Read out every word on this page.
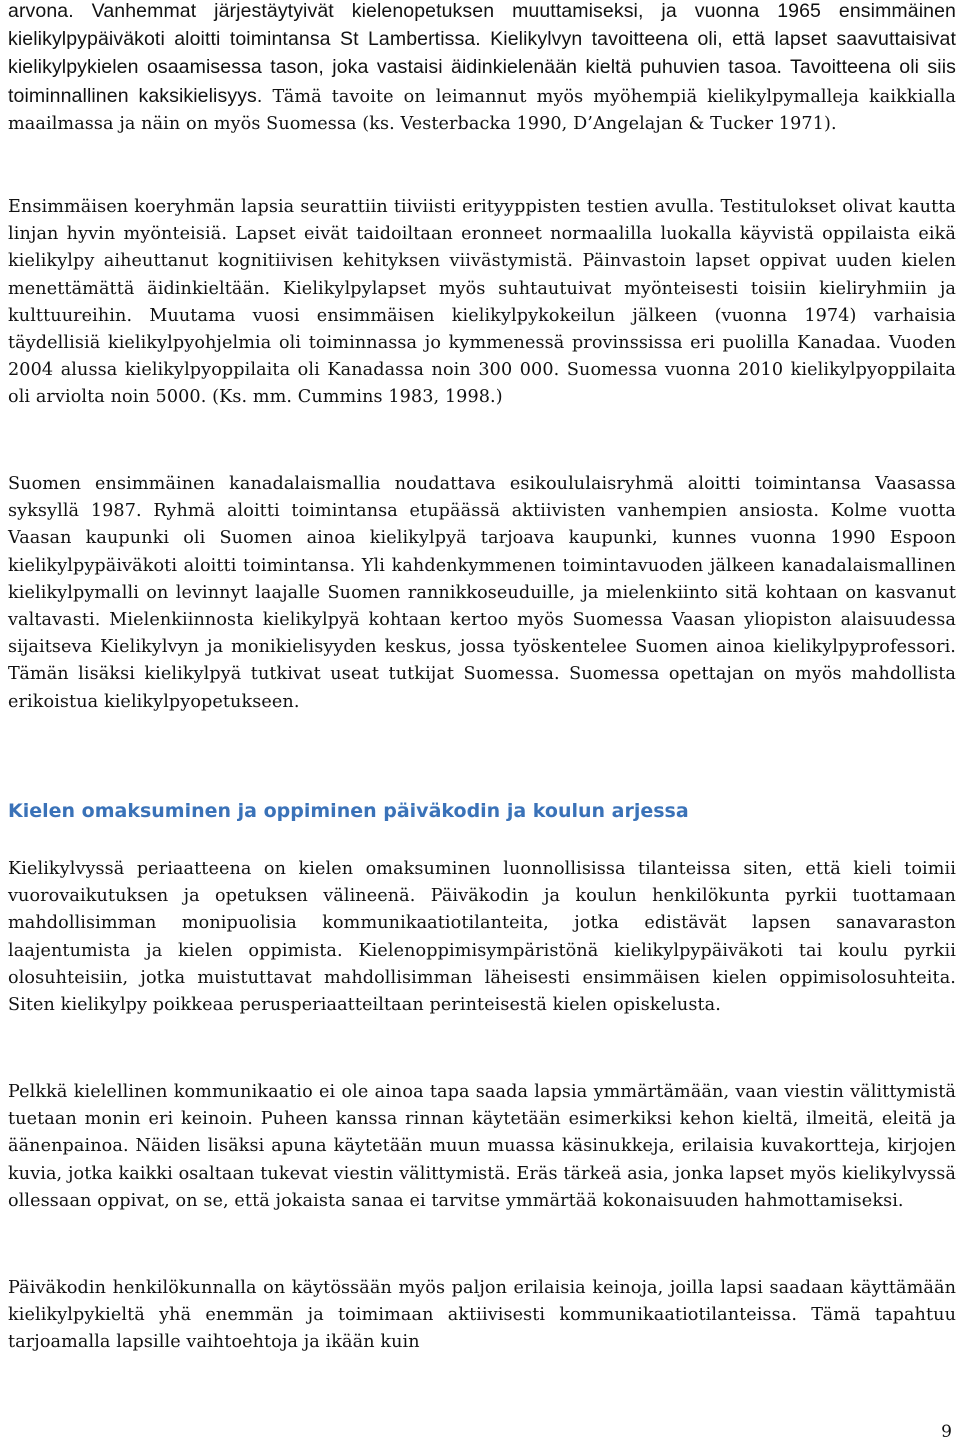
arvona. Vanhemmat järjestäytyivät kielenopetuksen muuttamiseksi, ja vuonna 1965 ensimmäinen kielikylpypäiväkoti aloitti toimintansa St Lambertissa. Kielikylvyn tavoitteena oli, että lapset saavuttaisivat kielikylpykielen osaamisessa tason, joka vastaisi äidinkielenään kieltä puhuvien tasoa. Tavoitteena oli siis toiminnallinen kaksikielisyys. Tämä tavoite on leimannut myös myöhempiä kielikylpymalleja kaikkialla maailmassa ja näin on myös Suomessa (ks. Vesterbacka 1990, D’Angelajan & Tucker 1971).

Ensimmäisen koeryhmän lapsia seurattiin tiiviisti erityyppisten testien avulla. Testitulokset olivat kautta linjan hyvin myönteisiä. Lapset eivät taidoiltaan eronneet normaalilla luokalla käyvistä oppilaista eikä kielikylpy aiheuttanut kognitiivisen kehityksen viivästymistä. Päinvastoin lapset oppivat uuden kielen menettämättä äidinkieltään. Kielikylpylapset myös suhtautuivat myönteisesti toisiin kieliryhmiin ja kulttuureihin. Muutama vuosi ensimmäisen kielikylpykokeilun jälkeen (vuonna 1974) varhaisia täydellisiä kielikylpyohjelmia oli toiminnassa jo kymmenessä provinssissa eri puolilla Kanadaa. Vuoden 2004 alussa kielikylpyoppilaita oli Kanadassa noin 300 000. Suomessa vuonna 2010 kielikylpyoppilaita oli arviolta noin 5000. (Ks. mm. Cummins 1983, 1998.)

Suomen ensimmäinen kanadalaismallia noudattava esikoululaisryhmä aloitti toimintansa Vaasassa syksyllä 1987. Ryhmä aloitti toimintansa etupäässä aktiivisten vanhempien ansiosta. Kolme vuotta Vaasan kaupunki oli Suomen ainoa kielikylpyä tarjoava kaupunki, kunnes vuonna 1990 Espoon kielikylpypäiväkoti aloitti toimintansa. Yli kahdenkymmenen toimintavuoden jälkeen kanadalaismallinen kielikylpymalli on levinnyt laajalle Suomen rannikkoseuduille, ja mielenkiinto sitä kohtaan on kasvanut valtavasti. Mielenkiinnosta kielikylpyä kohtaan kertoo myös Suomessa Vaasan yliopiston alaisuudessa sijaitseva Kielikylvyn ja monikielisyyden keskus, jossa työskentelee Suomen ainoa kielikylpyprofessori. Tämän lisäksi kielikylpyä tutkivat useat tutkijat Suomessa. Suomessa opettajan on myös mahdollista erikoistua kielikylpyopetukseen.

Kielen omaksuminen ja oppiminen päiväkodin ja koulun arjessa

Kielikylvyssä periaatteena on kielen omaksuminen luonnollisissa tilanteissa siten, että kieli toimii vuorovaikutuksen ja opetuksen välineenä. Päiväkodin ja koulun henkilökunta pyrkii tuottamaan mahdollisimman monipuolisia kommunikaatiotilanteita, jotka edistävät lapsen sanavaraston laajentumista ja kielen oppimista. Kielenoppimisympäristönä kielikylpypäiväkoti tai koulu pyrkii olosuhteisiin, jotka muistuttavat mahdollisimman läheisesti ensimmäisen kielen oppimisolosuhteita. Siten kielikylpy poikkeaa perusperiaatteiltaan perinteisestä kielen opiskelusta.

Pelkkä kielellinen kommunikaatio ei ole ainoa tapa saada lapsia ymmärtämään, vaan viestin välittymistä tuetaan monin eri keinoin. Puheen kanssa rinnan käytetään esimerkiksi kehon kieltä, ilmeitä, eleitä ja äänenpainoa. Näiden lisäksi apuna käytetään muun muassa käsinukkeja, erilaisia kuvakortteja, kirjojen kuvia, jotka kaikki osaltaan tukevat viestin välittymistä. Eräs tärkeä asia, jonka lapset myös kielikylvyssä ollessaan oppivat, on se, että jokaista sanaa ei tarvitse ymmärtää kokonaisuuden hahmottamiseksi.

Päiväkodin henkilökunnalla on käytössään myös paljon erilaisia keinoja, joilla lapsi saadaan käyttämään kielikylpykieltä yhä enemmän ja toimimaan aktiivisesti kommunikaatiotilanteissa. Tämä tapahtuu tarjoamalla lapsille vaihtoehtoja ja ikään kuin

9
